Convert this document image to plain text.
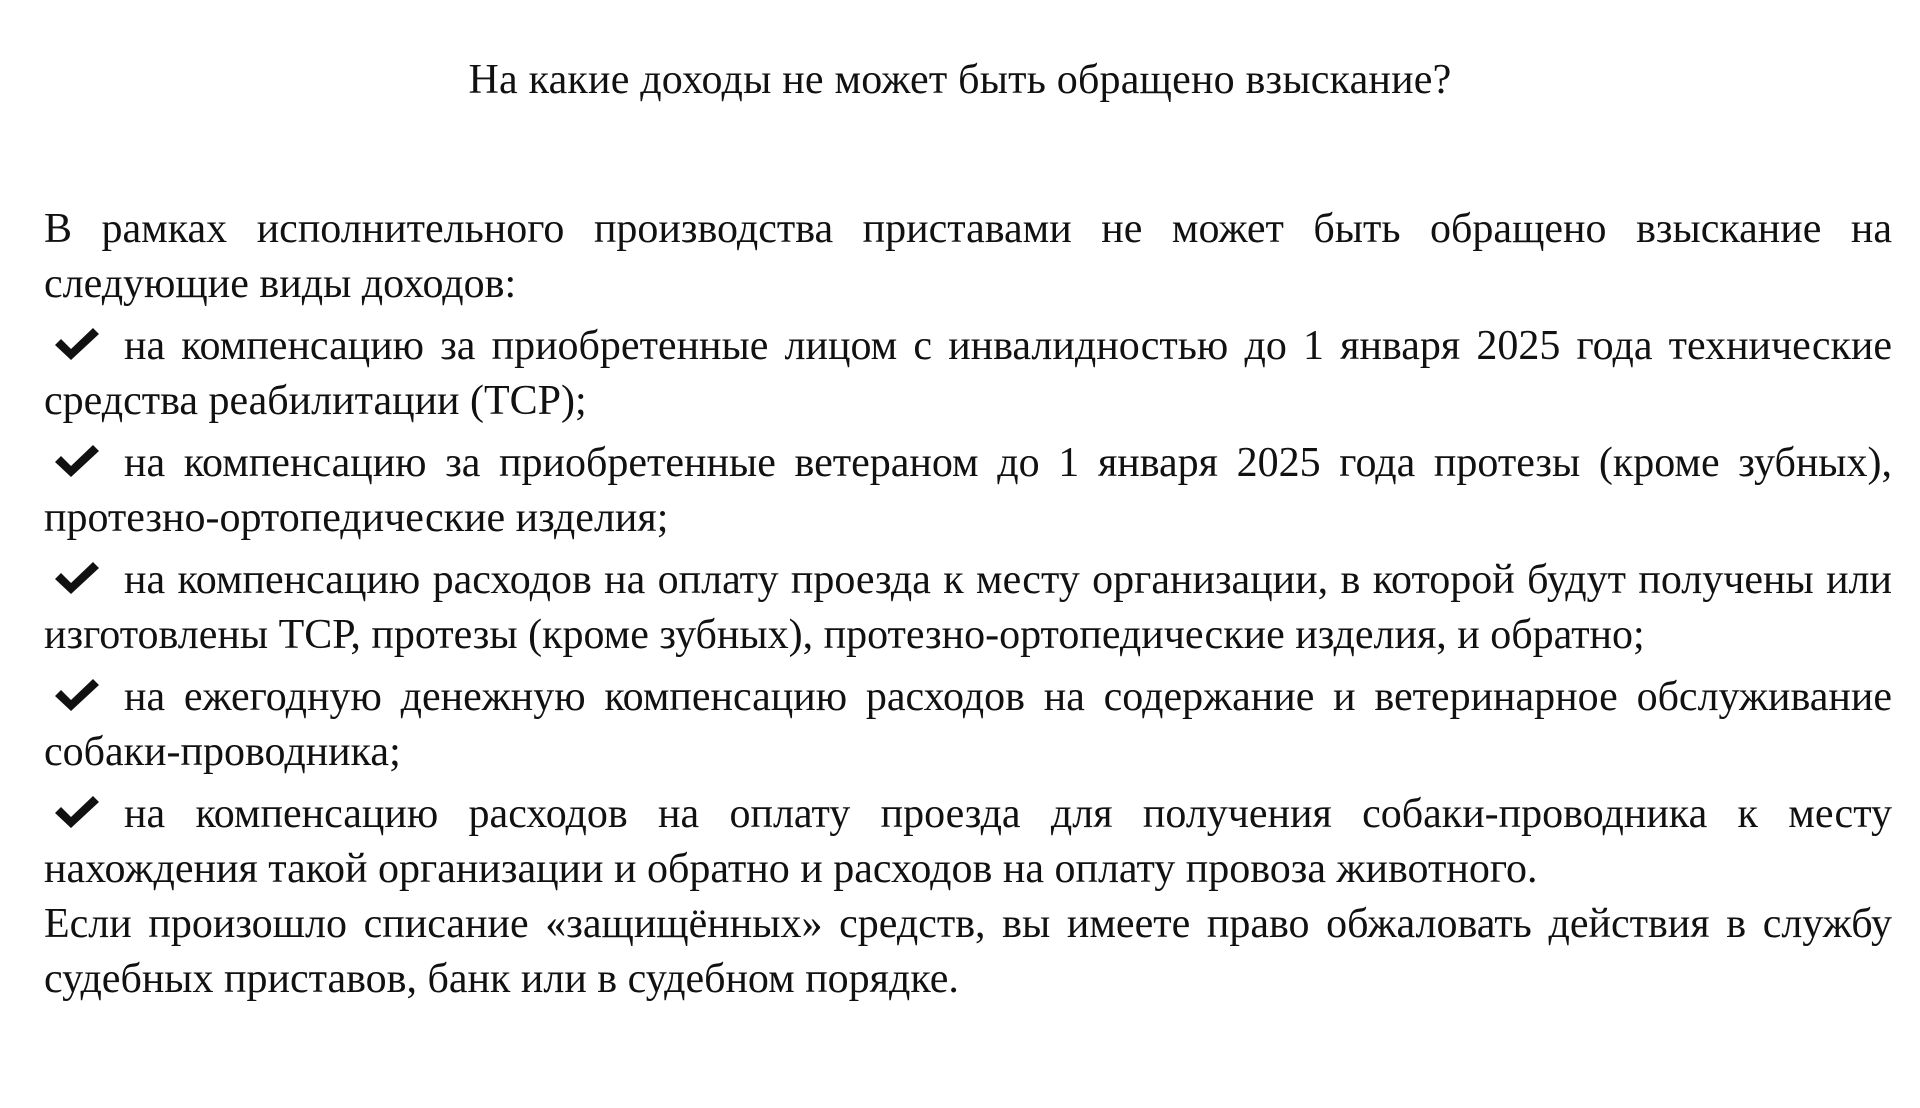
На какие доходы не может быть обращено взыскание?

В рамках исполнительного производства приставами не может быть обращено взыскание на следующие виды доходов:

на компенсацию за приобретенные лицом с инвалидностью до 1 января 2025 года технические средства реабилитации (ТСР);

на компенсацию за приобретенные ветераном до 1 января 2025 года протезы (кроме зубных), протезно-ортопедические изделия;

на компенсацию расходов на оплату проезда к месту организации, в которой будут получены или изготовлены ТСР, протезы (кроме зубных), протезно-ортопедические изделия, и обратно;

на ежегодную денежную компенсацию расходов на содержание и ветеринарное обслуживание собаки-проводника;

на компенсацию расходов на оплату проезда для получения собаки-проводника к месту нахождения такой организации и обратно и расходов на оплату провоза животного.

Если произошло списание «защищённых» средств, вы имеете право обжаловать действия в службу судебных приставов, банк или в судебном порядке.
